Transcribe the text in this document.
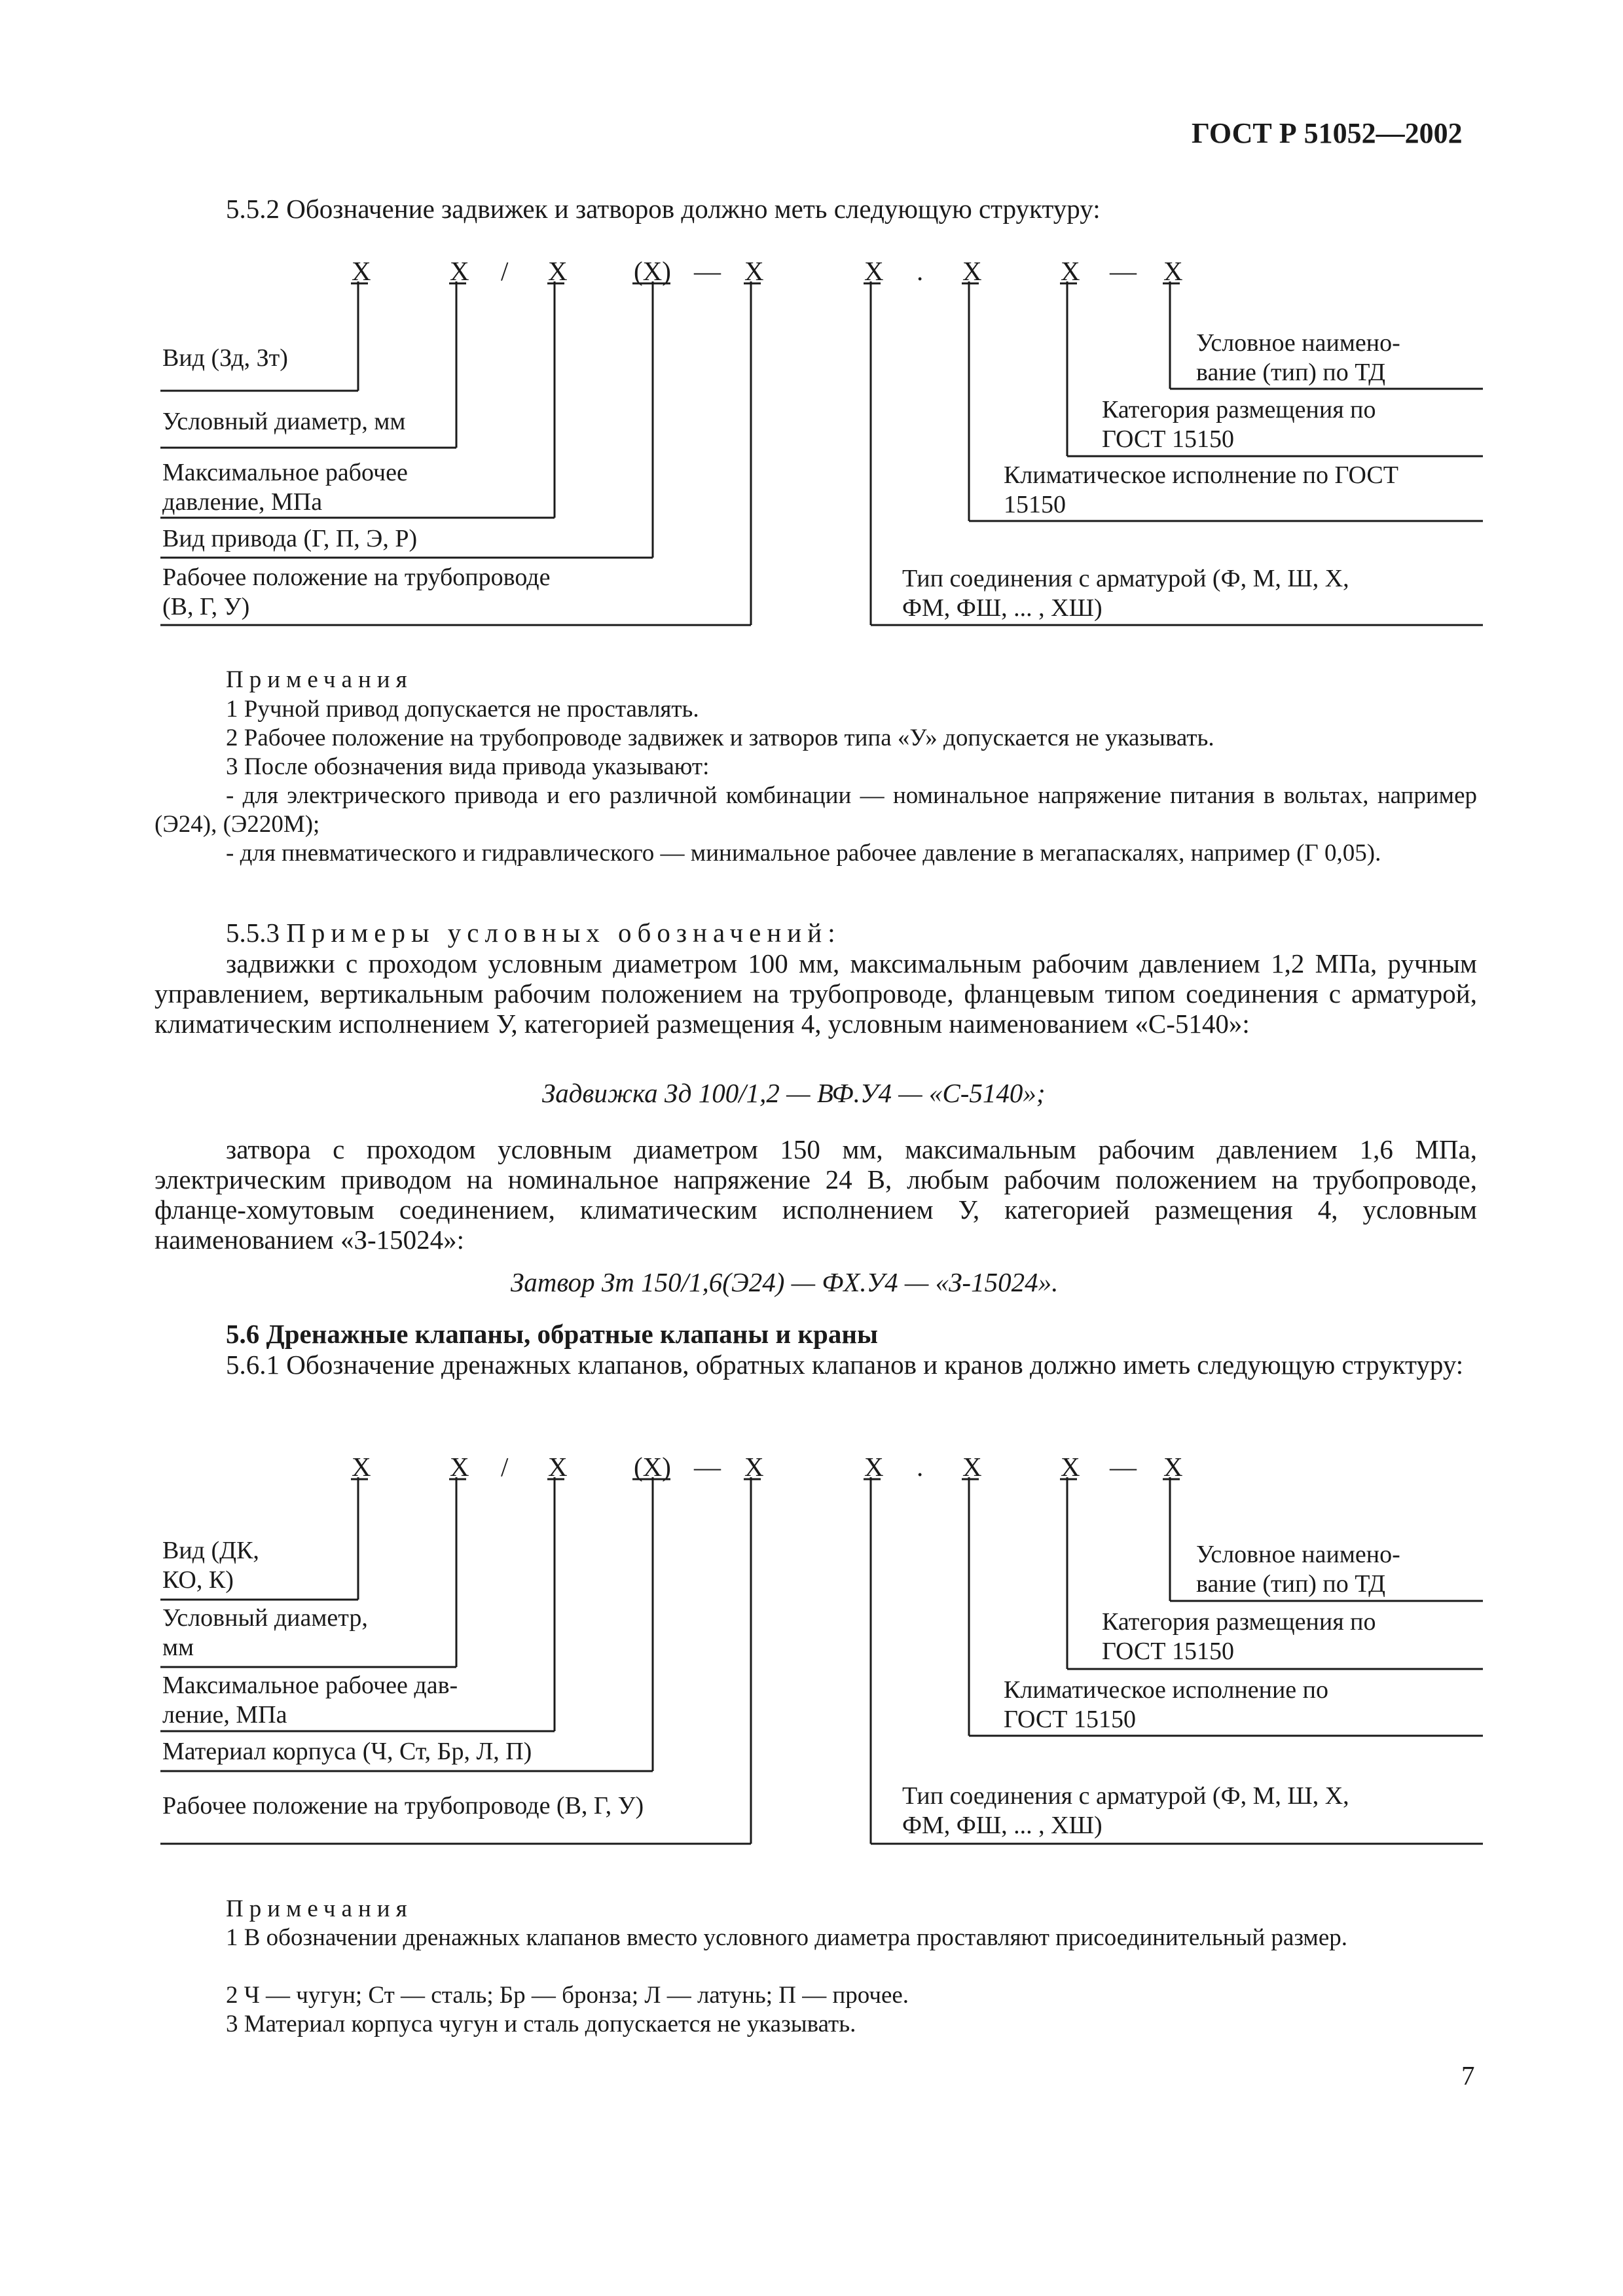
ГОСТ Р 51052—2002
5.5.2 Обозначение задвижек и затворов должно меть следующую структуру:
X	X / X (X) — X	X . X	X — X
Вид (Зд, Зт)
Условный диаметр, мм
Максимальное рабочее
давление, МПа
Вид привода (Г, П, Э, Р)
Рабочее положение на трубопроводе
(В, Г, У)
Условное наимено-
вание (тип) по ТД
Категория размещения по
ГОСТ 15150
Климатическое исполнение по ГОСТ
15150
Тип соединения с арматурой (Ф, М, Ш, Х,
ФМ, ФШ, ... , ХШ)
Примечания
1 Ручной привод допускается не проставлять.
2 Рабочее положение на трубопроводе задвижек и затворов типа «У» допускается не указывать.
3 После обозначения вида привода указывают:
- для электрического привода и его различной комбинации — номинальное напряжение питания в вольтах, например (Э24), (Э220М);
- для пневматического и гидравлического — минимальное рабочее давление в мегапаскалях, например (Г 0,05).
5.5.3 Примеры условных обозначений:
задвижки с проходом условным диаметром 100 мм, максимальным рабочим давлением 1,2 МПа, ручным управлением, вертикальным рабочим положением на трубопроводе, фланцевым типом соединения с арматурой, климатическим исполнением У, категорией размещения 4, условным наименованием «С-5140»:
Задвижка Зд 100/1,2 — ВФ.У4 — «С-5140»;
затвора с проходом условным диаметром 150 мм, максимальным рабочим давлением 1,6 МПа, электрическим приводом на номинальное напряжение 24 В, любым рабочим положением на трубопроводе, фланце-хомутовым соединением, климатическим исполнением У, категорией размещения 4, условным наименованием «З-15024»:
Затвор Зт 150/1,6(Э24) — ФХ.У4 — «З-15024».
5.6 Дренажные клапаны, обратные клапаны и краны
5.6.1 Обозначение дренажных клапанов, обратных клапанов и кранов должно иметь следующую структуру:
X	X / X (X) — X	X . X	X — X
Вид (ДК,
КО, К)
Условный диаметр,
мм
Максимальное рабочее дав-
ление, МПа
Материал корпуса (Ч, Ст, Бр, Л, П)
Рабочее положение на трубопроводе (В, Г, У)
Условное наимено-
вание (тип) по ТД
Категория размещения по
ГОСТ 15150
Климатическое исполнение по
ГОСТ 15150
Тип соединения с арматурой (Ф, М, Ш, Х,
ФМ, ФШ, ... , ХШ)
Примечания
1 В обозначении дренажных клапанов вместо условного диаметра проставляют присоединительный размер.
2 Ч — чугун; Ст — сталь; Бр — бронза; Л — латунь; П — прочее.
3 Материал корпуса чугун и сталь допускается не указывать.
7
